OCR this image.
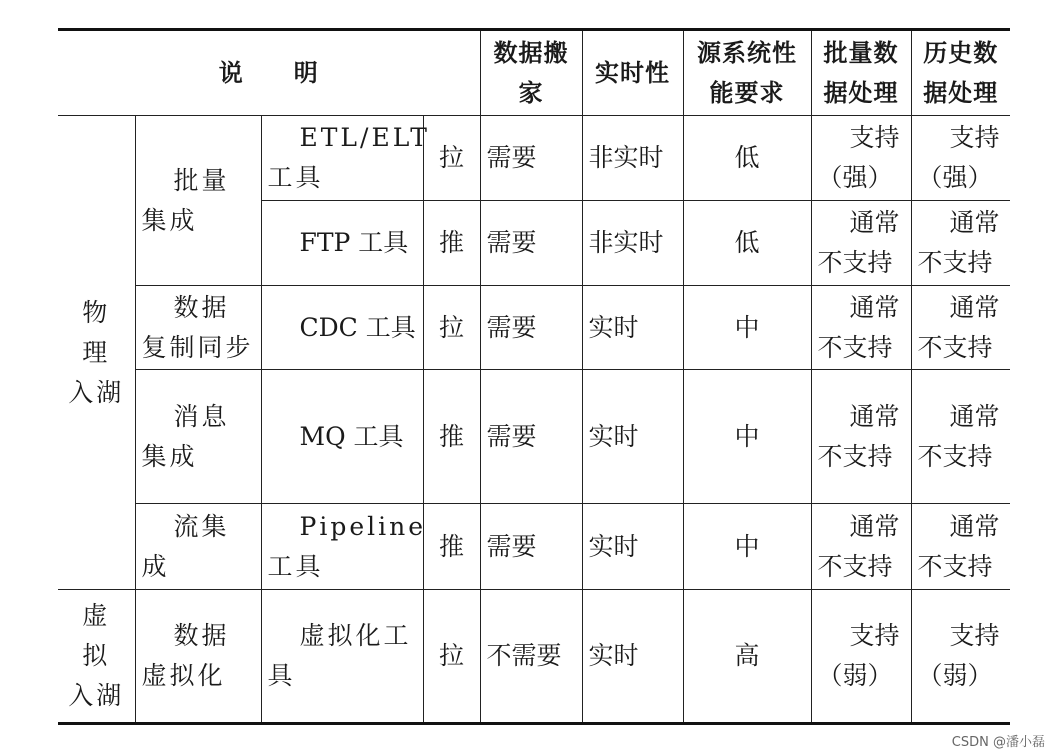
说　　明				数据搬家	实时性	源系统性能要求	批量数据处理	历史数据处理
物 理 入湖	批量集成	ETL/ELT 工具	拉	需要	非实时	低	支持（强）	支持（强）
		FTP 工具	推	需要	非实时	低	通常不支持	通常不支持
	数据复制同步	CDC 工具	拉	需要	实时	中	通常不支持	通常不支持
	消息集成	MQ 工具	推	需要	实时	中	通常不支持	通常不支持
	流集成	Pipeline 工具	推	需要	实时	中	通常不支持	通常不支持
虚 拟 入湖	数据虚拟化	虚拟化工具	拉	不需要	实时	高	支持（弱）	支持（弱）
CSDN @潘小磊
